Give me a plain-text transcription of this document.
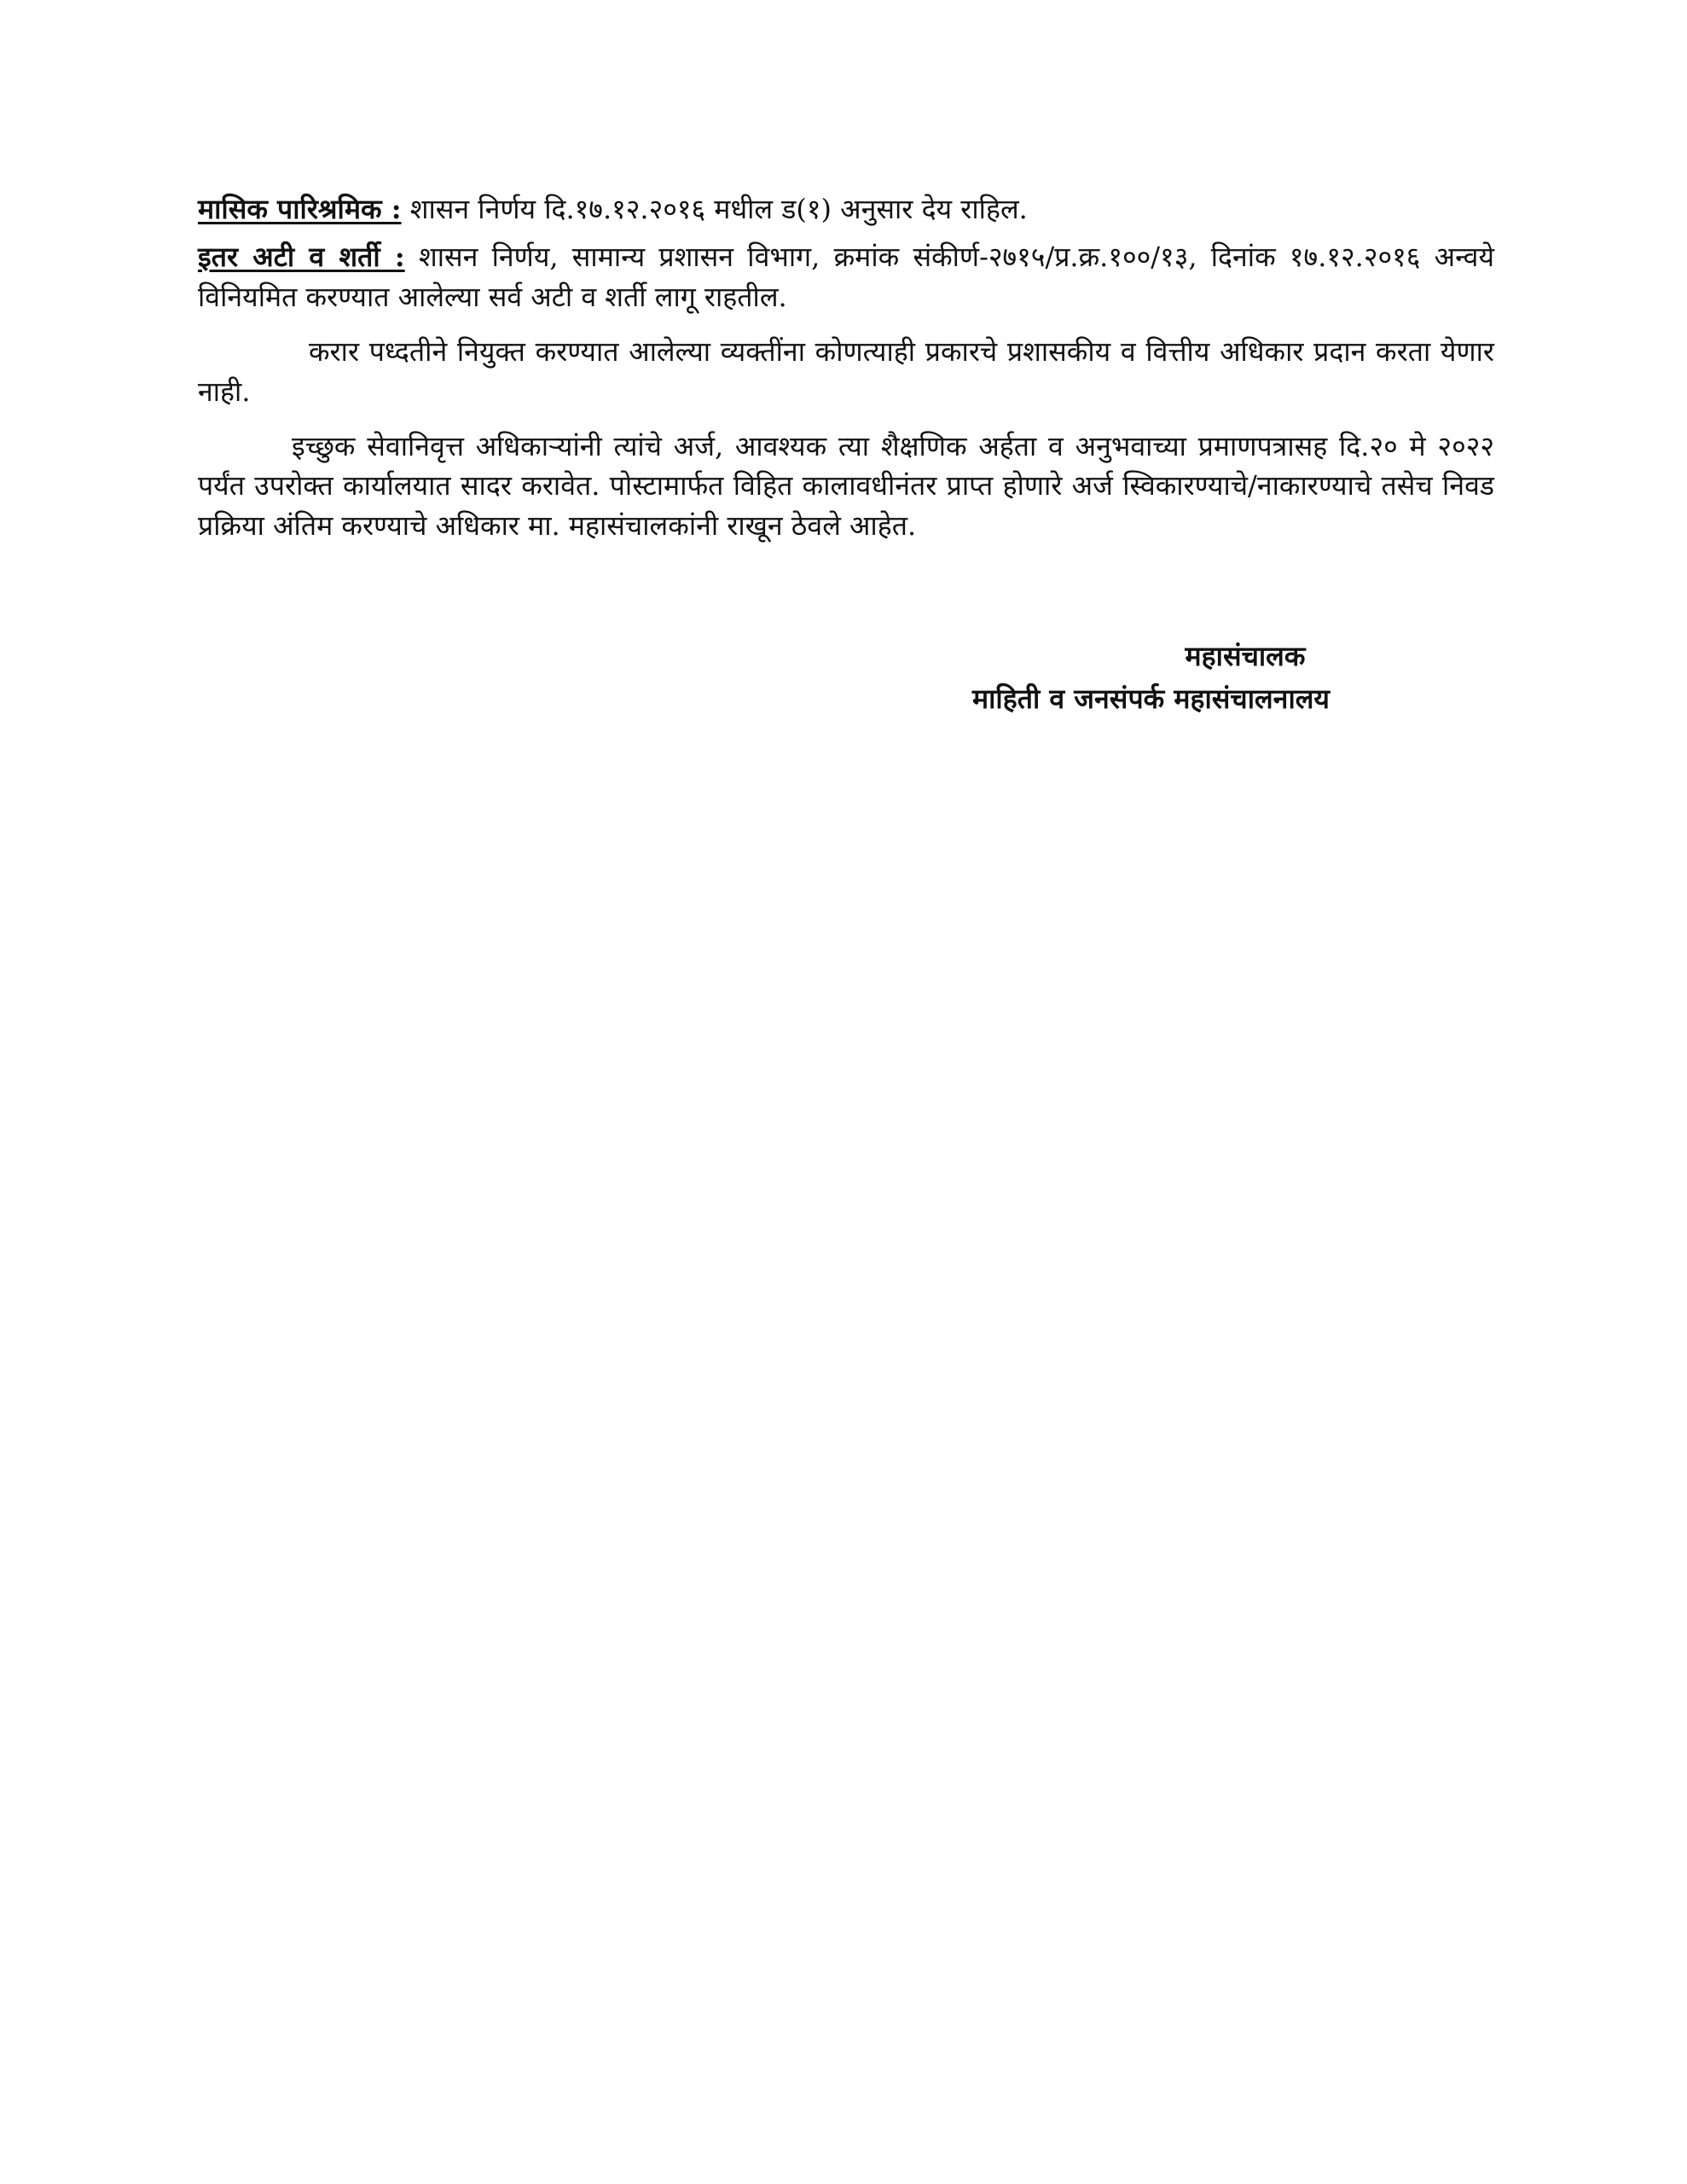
मासिक पारिश्रमिक : शासन निर्णय दि.१७.१२.२०१६ मधील ड(१) अनुसार देय राहिल.

इतर अटी व शर्ती : शासन निर्णय, सामान्य प्रशासन विभाग, क्रमांक संकीर्ण-२७१५/प्र.क्र.१००/१३, दिनांक १७.१२.२०१६ अन्वये विनियमित करण्यात आलेल्या सर्व अटी व शर्ती लागू राहतील.

करार पध्दतीने नियुक्त करण्यात आलेल्या व्यक्तींना कोणत्याही प्रकारचे प्रशासकीय व वित्तीय अधिकार प्रदान करता येणार नाही.

इच्छुक सेवानिवृत्त अधिकाऱ्यांनी त्यांचे अर्ज, आवश्यक त्या शैक्षणिक अर्हता व अनुभवाच्या प्रमाणपत्रासह दि.२० मे २०२२ पर्यंत उपरोक्त कार्यालयात सादर करावेत. पोस्टामार्फत विहित कालावधीनंतर प्राप्त होणारे अर्ज स्विकारण्याचे/नाकारण्याचे तसेच निवड प्रक्रिया अंतिम करण्याचे अधिकार मा. महासंचालकांनी राखून ठेवले आहेत.

महासंचालक
माहिती व जनसंपर्क महासंचालनालय
